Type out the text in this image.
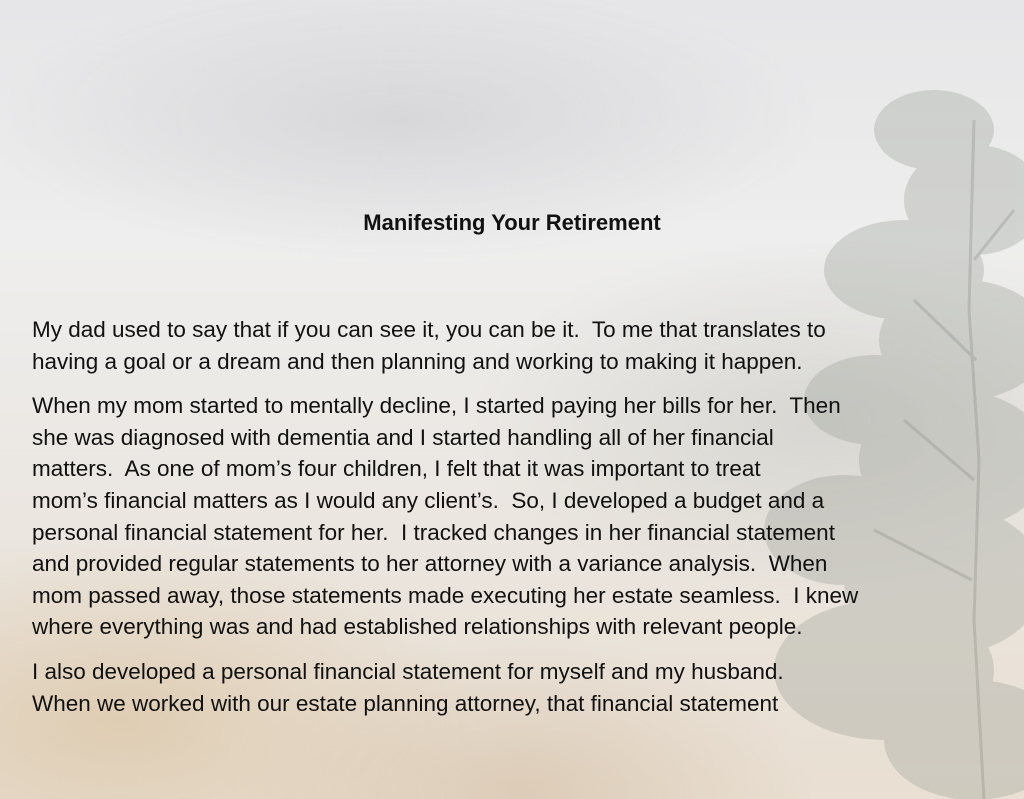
Manifesting Your Retirement

My dad used to say that if you can see it, you can be it.  To me that translates to
having a goal or a dream and then planning and working to making it happen.

When my mom started to mentally decline, I started paying her bills for her.  Then
she was diagnosed with dementia and I started handling all of her financial
matters.  As one of mom’s four children, I felt that it was important to treat
mom’s financial matters as I would any client’s.  So, I developed a budget and a
personal financial statement for her.  I tracked changes in her financial statement
and provided regular statements to her attorney with a variance analysis.  When
mom passed away, those statements made executing her estate seamless.  I knew
where everything was and had established relationships with relevant people.

I also developed a personal financial statement for myself and my husband.
When we worked with our estate planning attorney, that financial statement
